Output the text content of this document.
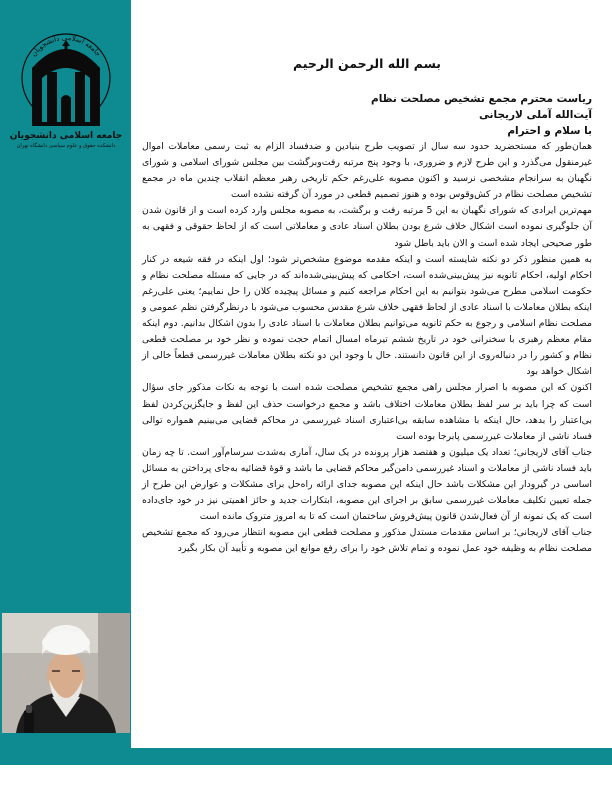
جامعه اسلامی دانشجویان
جامعه اسلامی دانشجویان
دانشکده حقوق و علوم سیاسی دانشگاه تهران

بسم الله الرحمن الرحیم

ریاست محترم مجمع تشخیص مصلحت نظام

آیت‌الله آملی لاریجانی

با سلام و احترام

همان‌طور که مستحضرید حدود سه سال از تصویب طرح بنیادین و ضدفساد الزام به ثبت رسمی معاملات اموال غیرمنقول می‌گذرد و این طرح لازم و ضروری، با وجود پنج مرتبه رفت‌وبرگشت بین مجلس شورای اسلامی و شورای نگهبان به سرانجام مشخصی نرسید و اکنون مصوبه علی‌رغم حکم تاریخی رهبر معظم انقلاب چندین ماه در مجمع تشخیص مصلحت نظام در کش‌وقوس بوده و هنوز تصمیم قطعی در مورد آن گرفته نشده است

مهم‌ترین ایرادی که شورای نگهبان به این 5 مرتبه رفت و برگشت، به مصوبه مجلس وارد کرده است و از قانون شدن آن جلوگیری نموده است اشکال خلاف شرع بودن بطلان اسناد عادی و معاملاتی است که از لحاظ حقوقی و فقهی به طور صحیحی ایجاد شده است و الان باید باطل شود

به همین منظور ذکر دو نکته شایسته است و اینکه مقدمه موضوع مشخص‌تر شود؛ اول اینکه در فقه شیعه در کنار احکام اولیه، احکام ثانویه نیز پیش‌بینی‌شده است، احکامی که پیش‌بینی‌شده‌اند که در جایی که مسئله مصلحت نظام و حکومت اسلامی مطرح می‌شود بتوانیم به این احکام مراجعه کنیم و مسائل پیچیده کلان را حل نماییم؛ یعنی علی‌رغم اینکه بطلان معاملات با اسناد عادی از لحاظ فقهی خلاف شرع مقدس محسوب می‌شود با درنظرگرفتن نظم عمومی و مصلحت نظام اسلامی و رجوع به حکم ثانویه می‌توانیم بطلان معاملات با اسناد عادی را بدون اشکال بدانیم. دوم اینکه مقام معظم رهبری با سخنرانی خود در تاریخ ششم تیرماه امسال اتمام حجت نموده و نظر خود بر مصلحت قطعی نظام و کشور را در دنباله‌روی از این قانون دانستند. حال با وجود این دو نکته بطلان معاملات غیررسمی قطعاً خالی از اشکال خواهد بود

اکنون که این مصوبه با اصرار مجلس راهی مجمع تشخیص مصلحت شده است با توجه به نکات مذکور جای سؤال است که چرا باید بر سر لفظ بطلان معاملات اختلاف باشد و مجمع درخواست حذف این لفظ و جایگزین‌کردن لفظ بی‌اعتبار را بدهد، حال اینکه با مشاهده سابقه بی‌اعتباری اسناد غیررسمی در محاکم قضایی می‌بینیم همواره توالی فساد ناشی از معاملات غیررسمی پابرجا بوده است

جناب آقای لاریجانی؛ تعداد یک میلیون و هفتصد هزار پرونده در یک سال، آماری به‌شدت سرسام‌آور است. تا چه زمان باید فساد ناشی از معاملات و اسناد غیررسمی دامن‌گیر محاکم قضایی ما باشد و قوۀ قضائیه به‌جای پرداختن به مسائل اساسی در گیرودار این مشکلات باشد حال اینکه این مصوبه جدای ارائه راه‌حل برای مشکلات و عوارض این طرح از جمله تعیین تکلیف معاملات غیررسمی سابق بر اجرای این مصوبه، ابتکارات جدید و حائز اهمیتی نیز در خود جای‌داده است که یک نمونه از آن فعال‌شدن قانون پیش‌فروش ساختمان است که تا به امروز متروک مانده است

جناب آقای لاریجانی؛ بر اساس مقدمات مستدل مذکور و مصلحت قطعی این مصوبه انتظار می‌رود که مجمع تشخیص مصلحت نظام به وظیفه خود عمل نموده و تمام تلاش خود را برای رفع موانع این مصوبه و تأیید آن بکار بگیرد
